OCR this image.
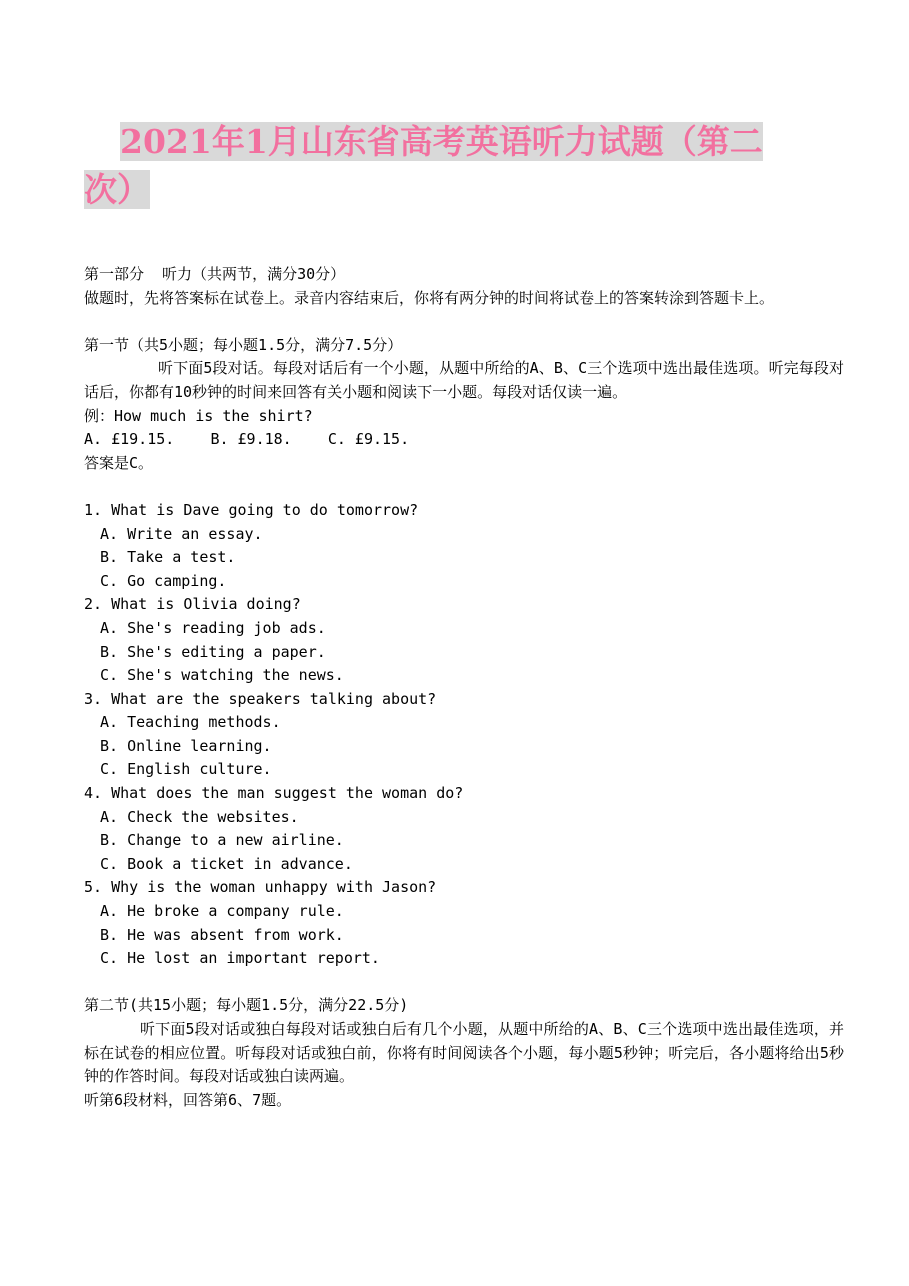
2021年1月山东省高考英语听力试题（第二
次）
第一部分  听力（共两节，满分30分）
做题时，先将答案标在试卷上。录音内容结束后，你将有两分钟的时间将试卷上的答案转涂到答题卡上。
第一节（共5小题；每小题1.5分，满分7.5分）
听下面5段对话。每段对话后有一个小题，从题中所给的A、B、C三个选项中选出最佳选项。听完每段对话后，你都有10秒钟的时间来回答有关小题和阅读下一小题。每段对话仅读一遍。
例：How much is the shirt?
A. £19.15. B. £9.18. C. £9.15.
答案是C。
1. What is Dave going to do tomorrow?
A. Write an essay.
B. Take a test.
C. Go camping.
2. What is Olivia doing?
A. She's reading job ads.
B. She's editing a paper.
C. She's watching the news.
3. What are the speakers talking about?
A. Teaching methods.
B. Online learning.
C. English culture.
4. What does the man suggest the woman do?
A. Check the websites.
B. Change to a new airline.
C. Book a ticket in advance.
5. Why is the woman unhappy with Jason?
A. He broke a company rule.
B. He was absent from work.
C. He lost an important report.
第二节(共15小题；每小题1.5分，满分22.5分)
听下面5段对话或独白每段对话或独白后有几个小题，从题中所给的A、B、C三个选项中选出最佳选项，并标在试卷的相应位置。听每段对话或独白前，你将有时间阅读各个小题，每小题5秒钟；听完后，各小题将给出5秒钟的作答时间。每段对话或独白读两遍。
听第6段材料，回答第6、7题。
